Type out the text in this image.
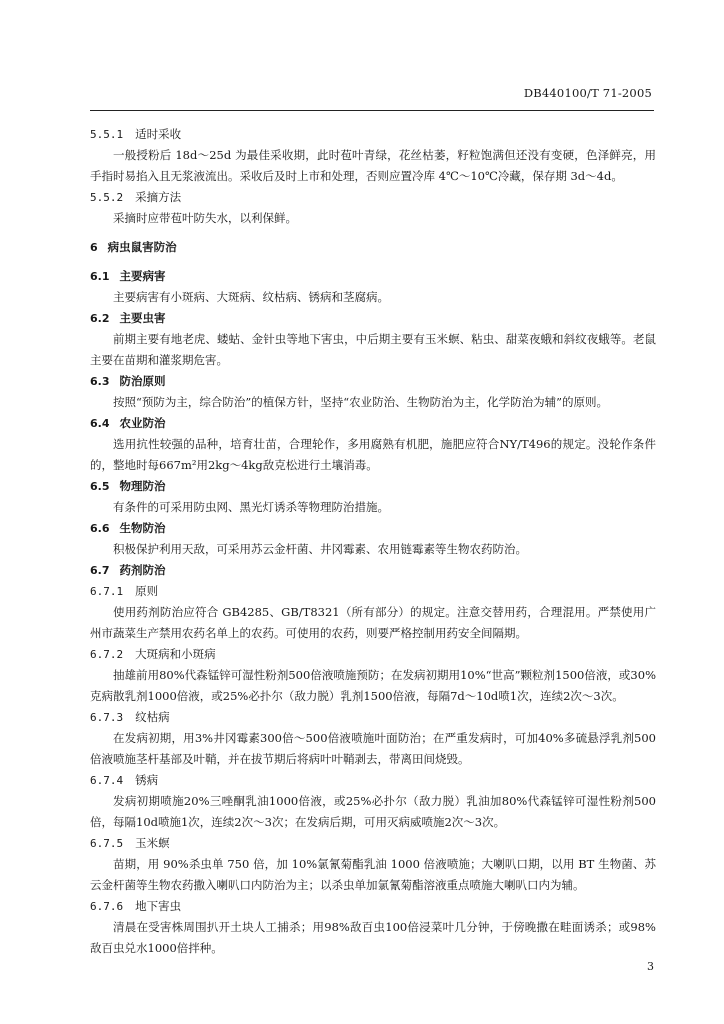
DB440100/T 71-2005
5.5.1 适时采收

一般授粉后 18d～25d 为最佳采收期，此时苞叶青绿，花丝枯萎，籽粒饱满但还没有变硬，色泽鲜亮，用手指时易掐入且无浆液流出。采收后及时上市和处理，否则应置冷库 4℃～10℃冷藏，保存期 3d～4d。

5.5.2 采摘方法

采摘时应带苞叶防失水，以利保鲜。

6 病虫鼠害防治
6.1 主要病害

主要病害有小斑病、大斑病、纹枯病、锈病和茎腐病。

6.2 主要虫害

前期主要有地老虎、蝼蛄、金针虫等地下害虫，中后期主要有玉米螟、粘虫、甜菜夜蛾和斜纹夜蛾等。老鼠主要在苗期和灌浆期危害。

6.3 防治原则

按照“预防为主，综合防治”的植保方针，坚持“农业防治、生物防治为主，化学防治为辅”的原则。

6.4 农业防治

选用抗性较强的品种，培育壮苗，合理轮作，多用腐熟有机肥，施肥应符合NY/T496的规定。没轮作条件的，整地时每667m²用2kg～4kg敌克松进行土壤消毒。

6.5 物理防治

有条件的可采用防虫网、黑光灯诱杀等物理防治措施。

6.6 生物防治

积极保护利用天敌，可采用苏云金杆菌、井冈霉素、农用链霉素等生物农药防治。

6.7 药剂防治
6.7.1 原则

使用药剂防治应符合 GB4285、GB/T8321（所有部分）的规定。注意交替用药，合理混用。严禁使用广州市蔬菜生产禁用农药名单上的农药。可使用的农药，则要严格控制用药安全间隔期。

6.7.2 大斑病和小斑病

抽雄前用80%代森锰锌可湿性粉剂500倍液喷施预防；在发病初期用10%“世高”颗粒剂1500倍液，或30%克病散乳剂1000倍液，或25%必扑尔（敌力脱）乳剂1500倍液，每隔7d～10d喷1次，连续2次～3次。

6.7.3 纹枯病

在发病初期，用3%井冈霉素300倍～500倍液喷施叶面防治；在严重发病时，可加40%多硫悬浮乳剂500倍液喷施茎杆基部及叶鞘，并在拔节期后将病叶叶鞘剥去，带离田间烧毁。

6.7.4 锈病

发病初期喷施20%三唑酮乳油1000倍液，或25%必扑尔（敌力脱）乳油加80%代森锰锌可湿性粉剂500倍，每隔10d喷施1次，连续2次～3次；在发病后期，可用灭病威喷施2次～3次。

6.7.5 玉米螟

苗期，用 90%杀虫单 750 倍，加 10%氯氰菊酯乳油 1000 倍液喷施；大喇叭口期，以用 BT 生物菌、苏云金杆菌等生物农药撒入喇叭口内防治为主；以杀虫单加氯氰菊酯溶液重点喷施大喇叭口内为辅。

6.7.6 地下害虫

清晨在受害株周围扒开土块人工捕杀；用98%敌百虫100倍浸菜叶几分钟，于傍晚撒在畦面诱杀；或98%敌百虫兑水1000倍拌种。

3
